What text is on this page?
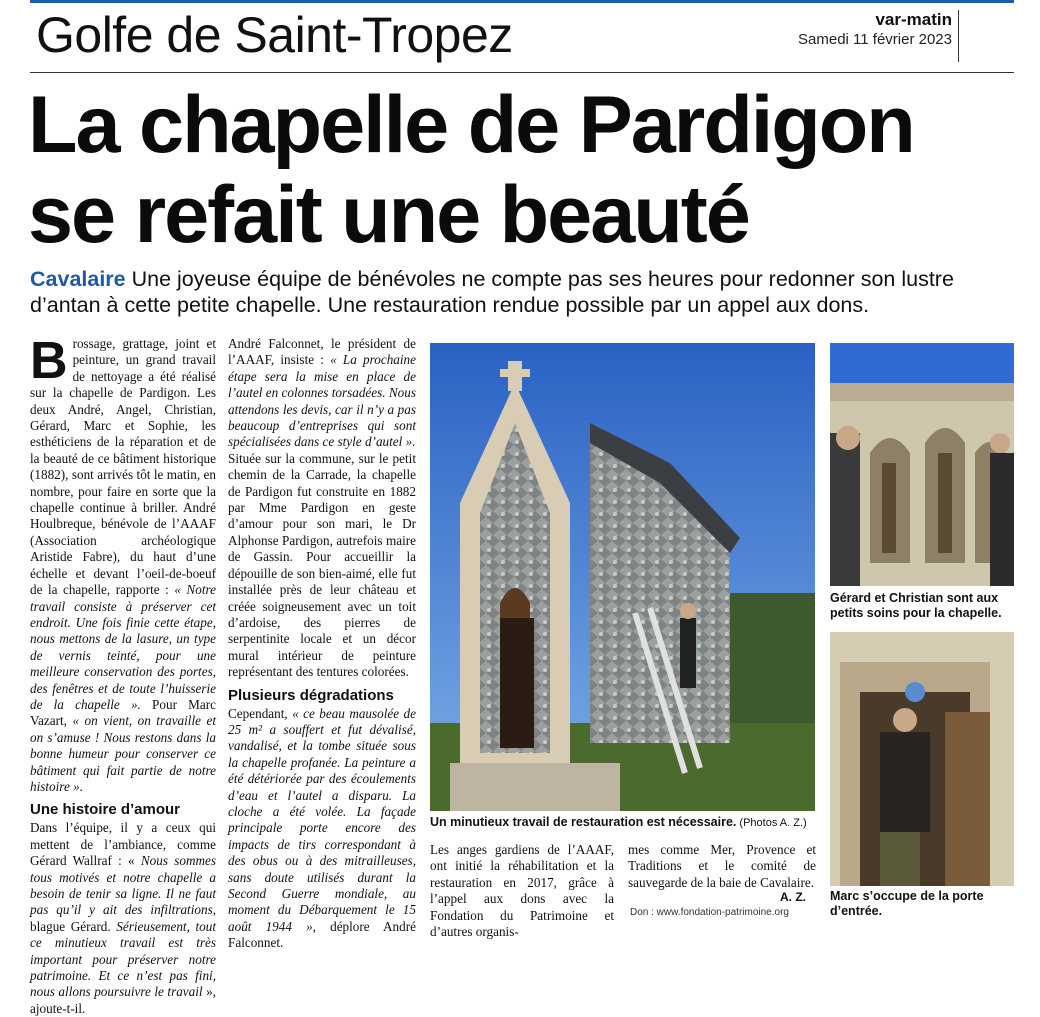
Golfe de Saint-Tropez	var-matin
Samedi 11 février 2023
La chapelle de Pardigon
se refait une beauté
Cavalaire Une joyeuse équipe de bénévoles ne compte pas ses heures pour redonner son lustre d’antan à cette petite chapelle. Une restauration rendue possible par un appel aux dons.

Brossage, grattage, joint et peinture, un grand travail de nettoyage a été réalisé sur la chapelle de Pardigon. Les deux André, Angel, Christian, Gérard, Marc et Sophie, les esthéticiens de la réparation et de la beauté de ce bâtiment historique (1882), sont arrivés tôt le matin, en nombre, pour faire en sorte que la chapelle continue à briller. André Houlbreque, bénévole de l’AAAF (Association archéologique Aristide Fabre), du haut d’une échelle et devant l’oeil-de-boeuf de la chapelle, rapporte : « Notre travail consiste à préserver cet endroit. Une fois finie cette étape, nous mettons de la lasure, un type de vernis teinté, pour une meilleure conservation des portes, des fenêtres et de toute l’huisserie de la chapelle ». Pour Marc Vazart, « on vient, on travaille et on s’amuse ! Nous restons dans la bonne humeur pour conserver ce bâtiment qui fait partie de notre histoire ».

Une histoire d’amour

Dans l’équipe, il y a ceux qui mettent de l’ambiance, comme Gérard Wallraf : « Nous sommes tous motivés et notre chapelle a besoin de tenir sa ligne. Il ne faut pas qu’il y ait des infiltrations, blague Gérard. Sérieusement, tout ce minutieux travail est très important pour préserver notre patrimoine. Et ce n’est pas fini, nous allons poursuivre le travail », ajoute-t-il.

André Falconnet, le président de l’AAAF, insiste : « La prochaine étape sera la mise en place de l’autel en colonnes torsadées. Nous attendons les devis, car il n’y a pas beaucoup d’entreprises qui sont spécialisées dans ce style d’autel ».

Située sur la commune, sur le petit chemin de la Carrade, la chapelle de Pardigon fut construite en 1882 par Mme Pardigon en geste d’amour pour son mari, le Dr Alphonse Pardigon, autrefois maire de Gassin. Pour accueillir la dépouille de son bien-aimé, elle fut installée près de leur château et créée soigneusement avec un toit d’ardoise, des pierres de serpentinite locale et un décor mural intérieur de peinture représentant des tentures colorées.

Plusieurs dégradations

Cependant, « ce beau mausolée de 25 m² a souffert et fut dévalisé, vandalisé, et la tombe située sous la chapelle profanée. La peinture a été détériorée par des écoulements d’eau et l’autel a disparu. La cloche a été volée. La façade principale porte encore des impacts de tirs correspondant à des obus ou à des mitrailleuses, sans doute utilisés durant la Second Guerre mondiale, au moment du Débarquement le 15 août 1944 », déplore André Falconnet.

Un minutieux travail de restauration est nécessaire. (Photos A. Z.)
Gérard et Christian sont aux petits soins pour la chapelle.
Marc s’occupe de la porte d’entrée.
Les anges gardiens de l’AAAF, ont initié la réhabilitation et la restauration en 2017, grâce à l’appel aux dons avec la Fondation du Patrimoine et d’autres organis-
mes comme Mer, Provence et Traditions et le comité de sauvegarde de la baie de Cavalaire.
A. Z.
Don : www.fondation-patrimoine.org
